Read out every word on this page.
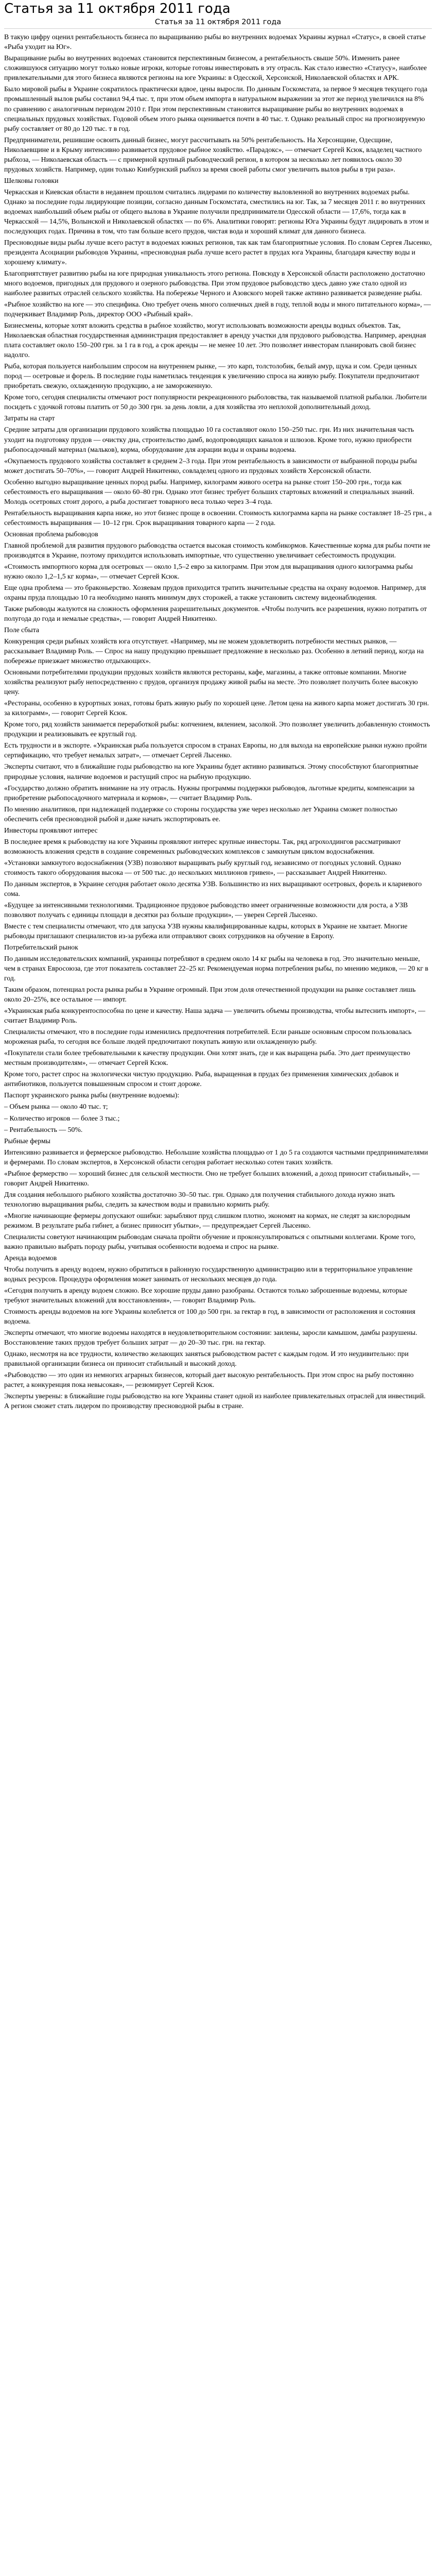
Статья за 11 октября 2011 года
Статья за 11 октября 2011 года

В такую цифру оценил рентабельность бизнеса по выращиванию рыбы во внутренних водоемах Украины журнал «Статус», в своей статье «Рыба уходит на Юг».

Выращивание рыбы во внутренних водоемах становится перспективным бизнесом, а рентабельность свыше 50%. Изменить ранее сложившуюся ситуацию могут только новые игроки, которые готовы инвестировать в эту отрасль. Как стало известно «Статусу», наиболее привлекательными для этого бизнеса являются регионы на юге Украины: в Одесской, Херсонской, Николаевской областях и АРК.

Было мировой рыбы в Украине сократилось практически вдвое, цены выросли. По данным Госкомстата, за первое 9 месяцев текущего года промышленный вылов рыбы составил 94,4 тыс. т, при этом объем импорта в натуральном выражении за этот же период увеличился на 8% по сравнению с аналогичным периодом 2010 г. При этом перспективным становится выращивание рыбы во внутренних водоемах в специальных прудовых хозяйствах. Годовой объем этого рынка оценивается почти в 40 тыс. т. Однако реальный спрос на прогнозируемую рыбу составляет от 80 до 120 тыс. т в год.

Предприниматели, решившие освоить данный бизнес, могут рассчитывать на 50% рентабельность. На Херсонщине, Одесщине, Николаевщине и в Крыму интенсивно развивается прудовое рыбное хозяйство. «Парадокс», — отмечает Сергей Ксюк, владелец частного рыбхоза, — Николаевская область — с примерной крупный рыбоводческий регион, в котором за несколько лет появилось около 30 прудовых хозяйств. Например, один только Кинбурнский рыбхоз за время своей работы смог увеличить вылов рыбы в три раза».

Шелковы головки

Черкасская и Киевская области в недавнем прошлом считались лидерами по количеству выловленной во внутренних водоемах рыбы. Однако за последние годы лидирующие позиции, согласно данным Госкомстата, сместились на юг. Так, за 7 месяцев 2011 г. во внутренних водоемах наибольший объем рыбы от общего вылова в Украине получили предприниматели Одесской области — 17,6%, тогда как в Черкасской — 14,5%, Волынской и Николаевской областях — по 6%. Аналитики говорят: регионы Юга Украины будут лидировать в этом и последующих годах. Причина в том, что там больше всего прудов, чистая вода и хороший климат для данного бизнеса.

Пресноводные виды рыбы лучше всего растут в водоемах южных регионов, так как там благоприятные условия. По словам Сергея Лысенко, президента Асоциации рыбоводов Украины, «пресноводная рыба лучше всего растет в прудах юга Украины, благодаря качеству воды и хорошему климату».

Благоприятствует развитию рыбы на юге природная уникальность этого региона. Повсюду в Херсонской области расположено достаточно много водоемов, пригодных для прудового и озерного рыбоводства. При этом прудовое рыбоводство здесь давно уже стало одной из наиболее развитых отраслей сельского хозяйства. На побережье Черного и Азовского морей также активно развивается разведение рыбы.

«Рыбное хозяйство на юге — это специфика. Оно требует очень много солнечных дней в году, теплой воды и много питательного корма», — подчеркивает Владимир Роль, директор ООО «Рыбный край».

Бизнесмены, которые хотят вложить средства в рыбное хозяйство, могут использовать возможности аренды водных объектов. Так, Николаевская областная государственная администрация предоставляет в аренду участки для прудового рыбоводства. Например, арендная плата составляет около 150–200 грн. за 1 га в год, а срок аренды — не менее 10 лет. Это позволяет инвесторам планировать свой бизнес надолго.

Рыба, которая пользуется наибольшим спросом на внутреннем рынке, — это карп, толстолобик, белый амур, щука и сом. Среди ценных пород — осетровые и форель. В последние годы наметилась тенденция к увеличению спроса на живую рыбу. Покупатели предпочитают приобретать свежую, охлажденную продукцию, а не замороженную.

Кроме того, сегодня специалисты отмечают рост популярности рекреационного рыболовства, так называемой платной рыбалки. Любители посидеть с удочкой готовы платить от 50 до 300 грн. за день ловли, а для хозяйства это неплохой дополнительный доход.

Затраты на старт

Средние затраты для организации прудового хозяйства площадью 10 га составляют около 150–250 тыс. грн. Из них значительная часть уходит на подготовку прудов — очистку дна, строительство дамб, водопроводящих каналов и шлюзов. Кроме того, нужно приобрести рыбопосадочный материал (мальков), корма, оборудование для аэрации воды и охраны водоема.

«Окупаемость прудового хозяйства составляет в среднем 2–3 года. При этом рентабельность в зависимости от выбранной породы рыбы может достигать 50–70%», — говорит Андрей Никитенко, совладелец одного из прудовых хозяйств Херсонской области.

Особенно выгодно выращивание ценных пород рыбы. Например, килограмм живого осетра на рынке стоит 150–200 грн., тогда как себестоимость его выращивания — около 60–80 грн. Однако этот бизнес требует больших стартовых вложений и специальных знаний. Молодь осетровых стоит дорого, а рыба достигает товарного веса только через 3–4 года.

Рентабельность выращивания карпа ниже, но этот бизнес проще в освоении. Стоимость килограмма карпа на рынке составляет 18–25 грн., а себестоимость выращивания — 10–12 грн. Срок выращивания товарного карпа — 2 года.

Основная проблема рыбоводов

Главной проблемой для развития прудового рыбоводства остается высокая стоимость комбикормов. Качественные корма для рыбы почти не производятся в Украине, поэтому приходится использовать импортные, что существенно увеличивает себестоимость продукции.

«Стоимость импортного корма для осетровых — около 1,5–2 евро за килограмм. При этом для выращивания одного килограмма рыбы нужно около 1,2–1,5 кг корма», — отмечает Сергей Ксюк.

Еще одна проблема — это браконьерство. Хозяевам прудов приходится тратить значительные средства на охрану водоемов. Например, для охраны пруда площадью 10 га необходимо нанять минимум двух сторожей, а также установить систему видеонаблюдения.

Также рыбоводы жалуются на сложность оформления разрешительных документов. «Чтобы получить все разрешения, нужно потратить от полугода до года и немалые средства», — говорит Андрей Никитенко.

Поле сбыта

Конкуренция среди рыбных хозяйств юга отсутствует. «Например, мы не можем удовлетворить потребности местных рынков, — рассказывает Владимир Роль. — Спрос на нашу продукцию превышает предложение в несколько раз. Особенно в летний период, когда на побережье приезжает множество отдыхающих».

Основными потребителями продукции прудовых хозяйств являются рестораны, кафе, магазины, а также оптовые компании. Многие хозяйства реализуют рыбу непосредственно с прудов, организуя продажу живой рыбы на месте. Это позволяет получить более высокую цену.

«Рестораны, особенно в курортных зонах, готовы брать живую рыбу по хорошей цене. Летом цена на живого карпа может достигать 30 грн. за килограмм», — говорит Сергей Ксюк.

Кроме того, ряд хозяйств занимается переработкой рыбы: копчением, вялением, засолкой. Это позволяет увеличить добавленную стоимость продукции и реализовывать ее круглый год.

Есть трудности и в экспорте. «Украинская рыба пользуется спросом в странах Европы, но для выхода на европейские рынки нужно пройти сертификацию, что требует немалых затрат», — отмечает Сергей Лысенко.

Эксперты считают, что в ближайшие годы рыбоводство на юге Украины будет активно развиваться. Этому способствуют благоприятные природные условия, наличие водоемов и растущий спрос на рыбную продукцию.

«Государство должно обратить внимание на эту отрасль. Нужны программы поддержки рыбоводов, льготные кредиты, компенсации за приобретение рыбопосадочного материала и кормов», — считает Владимир Роль.

По мнению аналитиков, при надлежащей поддержке со стороны государства уже через несколько лет Украина сможет полностью обеспечить себя пресноводной рыбой и даже начать экспортировать ее.

Инвесторы проявляют интерес

В последнее время к рыбоводству на юге Украины проявляют интерес крупные инвесторы. Так, ряд агрохолдингов рассматривают возможность вложения средств в создание современных рыбоводческих комплексов с замкнутым циклом водоснабжения.

«Установки замкнутого водоснабжения (УЗВ) позволяют выращивать рыбу круглый год, независимо от погодных условий. Однако стоимость такого оборудования высока — от 500 тыс. до нескольких миллионов гривен», — рассказывает Андрей Никитенко.

По данным экспертов, в Украине сегодня работает около десятка УЗВ. Большинство из них выращивают осетровых, форель и клариевого сома.

«Будущее за интенсивными технологиями. Традиционное прудовое рыбоводство имеет ограниченные возможности для роста, а УЗВ позволяют получать с единицы площади в десятки раз больше продукции», — уверен Сергей Лысенко.

Вместе с тем специалисты отмечают, что для запуска УЗВ нужны квалифицированные кадры, которых в Украине не хватает. Многие рыбоводы приглашают специалистов из-за рубежа или отправляют своих сотрудников на обучение в Европу.

Потребительский рынок

По данным исследовательских компаний, украинцы потребляют в среднем около 14 кг рыбы на человека в год. Это значительно меньше, чем в странах Евросоюза, где этот показатель составляет 22–25 кг. Рекомендуемая норма потребления рыбы, по мнению медиков, — 20 кг в год.

Таким образом, потенциал роста рынка рыбы в Украине огромный. При этом доля отечественной продукции на рынке составляет лишь около 20–25%, все остальное — импорт.

«Украинская рыба конкурентоспособна по цене и качеству. Наша задача — увеличить объемы производства, чтобы вытеснить импорт», — считает Владимир Роль.

Специалисты отмечают, что в последние годы изменились предпочтения потребителей. Если раньше основным спросом пользовалась мороженая рыба, то сегодня все больше людей предпочитают покупать живую или охлажденную рыбу.

«Покупатели стали более требовательными к качеству продукции. Они хотят знать, где и как выращена рыба. Это дает преимущество местным производителям», — отмечает Сергей Ксюк.

Кроме того, растет спрос на экологически чистую продукцию. Рыба, выращенная в прудах без применения химических добавок и антибиотиков, пользуется повышенным спросом и стоит дороже.

Паспорт украинского рынка рыбы (внутренние водоемы):

– Объем рынка — около 40 тыс. т;

– Количество игроков — более 3 тыс.;

– Рентабельность — 50%.

Рыбные фермы

Интенсивно развивается и фермерское рыбоводство. Небольшие хозяйства площадью от 1 до 5 га создаются частными предпринимателями и фермерами. По словам экспертов, в Херсонской области сегодня работает несколько сотен таких хозяйств.

«Рыбное фермерство — хороший бизнес для сельской местности. Оно не требует больших вложений, а доход приносит стабильный», — говорит Андрей Никитенко.

Для создания небольшого рыбного хозяйства достаточно 30–50 тыс. грн. Однако для получения стабильного дохода нужно знать технологию выращивания рыбы, следить за качеством воды и правильно кормить рыбу.

«Многие начинающие фермеры допускают ошибки: зарыбляют пруд слишком плотно, экономят на кормах, не следят за кислородным режимом. В результате рыба гибнет, а бизнес приносит убытки», — предупреждает Сергей Лысенко.

Специалисты советуют начинающим рыбоводам сначала пройти обучение и проконсультироваться с опытными коллегами. Кроме того, важно правильно выбрать породу рыбы, учитывая особенности водоема и спрос на рынке.

Аренда водоемов

Чтобы получить в аренду водоем, нужно обратиться в районную государственную администрацию или в территориальное управление водных ресурсов. Процедура оформления может занимать от нескольких месяцев до года.

«Сегодня получить в аренду водоем сложно. Все хорошие пруды давно разобраны. Остаются только заброшенные водоемы, которые требуют значительных вложений для восстановления», — говорит Владимир Роль.

Стоимость аренды водоемов на юге Украины колеблется от 100 до 500 грн. за гектар в год, в зависимости от расположения и состояния водоема.

Эксперты отмечают, что многие водоемы находятся в неудовлетворительном состоянии: заилены, заросли камышом, дамбы разрушены. Восстановление таких прудов требует больших затрат — до 20–30 тыс. грн. на гектар.

Однако, несмотря на все трудности, количество желающих заняться рыбоводством растет с каждым годом. И это неудивительно: при правильной организации бизнеса он приносит стабильный и высокий доход.

«Рыбоводство — это один из немногих аграрных бизнесов, который дает высокую рентабельность. При этом спрос на рыбу постоянно растет, а конкуренция пока невысокая», — резюмирует Сергей Ксюк.

Эксперты уверены: в ближайшие годы рыбоводство на юге Украины станет одной из наиболее привлекательных отраслей для инвестиций. А регион сможет стать лидером по производству пресноводной рыбы в стране.
